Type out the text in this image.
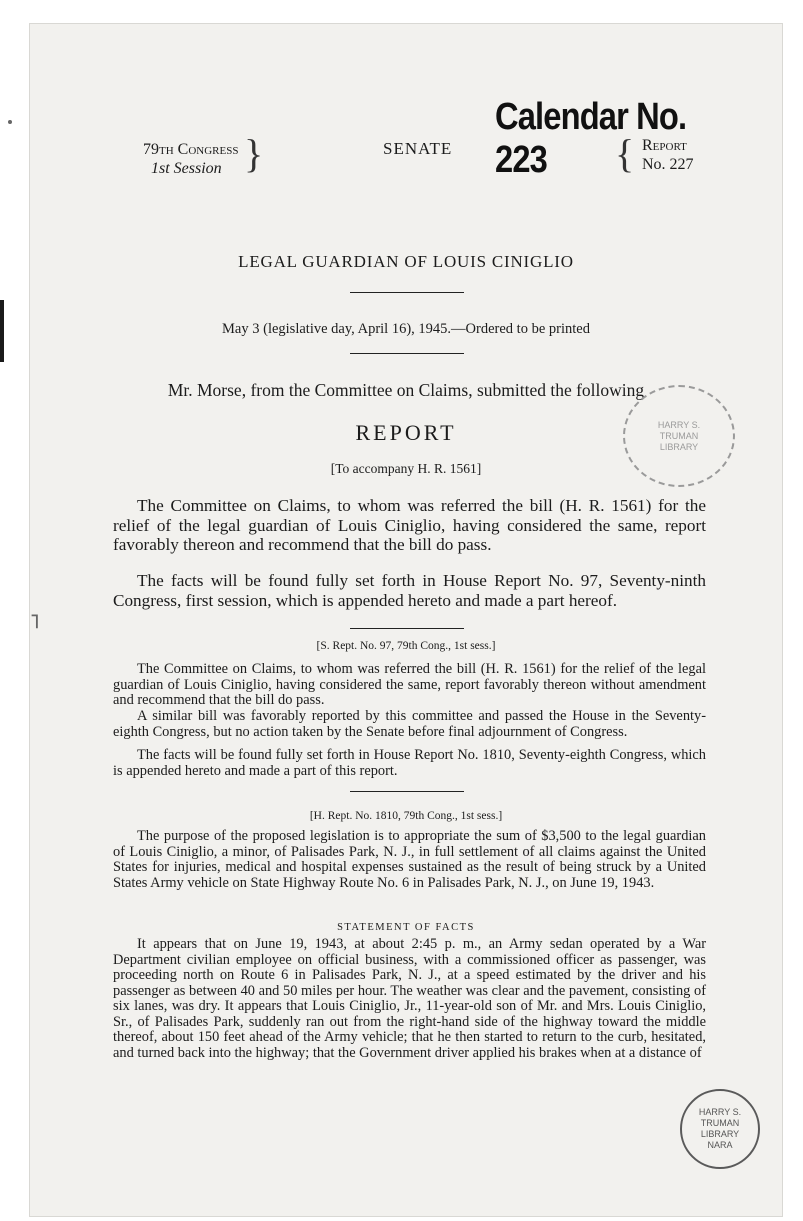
Calendar No. 223
79th Congress
1st Session }	SENATE	{ Report
No. 227
LEGAL GUARDIAN OF LOUIS CINIGLIO
May 3 (legislative day, April 16), 1945.—Ordered to be printed
Mr. Morse, from the Committee on Claims, submitted the following
REPORT
[To accompany H. R. 1561]

The Committee on Claims, to whom was referred the bill (H. R. 1561) for the relief of the legal guardian of Louis Ciniglio, having considered the same, report favorably thereon and recommend that the bill do pass.

The facts will be found fully set forth in House Report No. 97, Seventy-ninth Congress, first session, which is appended hereto and made a part hereof.

[S. Rept. No. 97, 79th Cong., 1st sess.]

The Committee on Claims, to whom was referred the bill (H. R. 1561) for the relief of the legal guardian of Louis Ciniglio, having considered the same, report favorably thereon without amendment and recommend that the bill do pass.

A similar bill was favorably reported by this committee and passed the House in the Seventy-eighth Congress, but no action taken by the Senate before final adjournment of Congress.

The facts will be found fully set forth in House Report No. 1810, Seventy-eighth Congress, which is appended hereto and made a part of this report.

[H. Rept. No. 1810, 79th Cong., 1st sess.]

The purpose of the proposed legislation is to appropriate the sum of $3,500 to the legal guardian of Louis Ciniglio, a minor, of Palisades Park, N. J., in full settlement of all claims against the United States for injuries, medical and hospital expenses sustained as the result of being struck by a United States Army vehicle on State Highway Route No. 6 in Palisades Park, N. J., on June 19, 1943.

STATEMENT OF FACTS

It appears that on June 19, 1943, at about 2:45 p. m., an Army sedan operated by a War Department civilian employee on official business, with a commissioned officer as passenger, was proceeding north on Route 6 in Palisades Park, N. J., at a speed estimated by the driver and his passenger as between 40 and 50 miles per hour. The weather was clear and the pavement, consisting of six lanes, was dry. It appears that Louis Ciniglio, Jr., 11-year-old son of Mr. and Mrs. Louis Ciniglio, Sr., of Palisades Park, suddenly ran out from the right-hand side of the highway toward the middle thereof, about 150 feet ahead of the Army vehicle; that he then started to return to the curb, hesitated, and turned back into the highway; that the Government driver applied his brakes when at a distance of

HARRY S. TRUMAN LIBRARY
HARRY S. TRUMAN LIBRARY NARA
⌐
